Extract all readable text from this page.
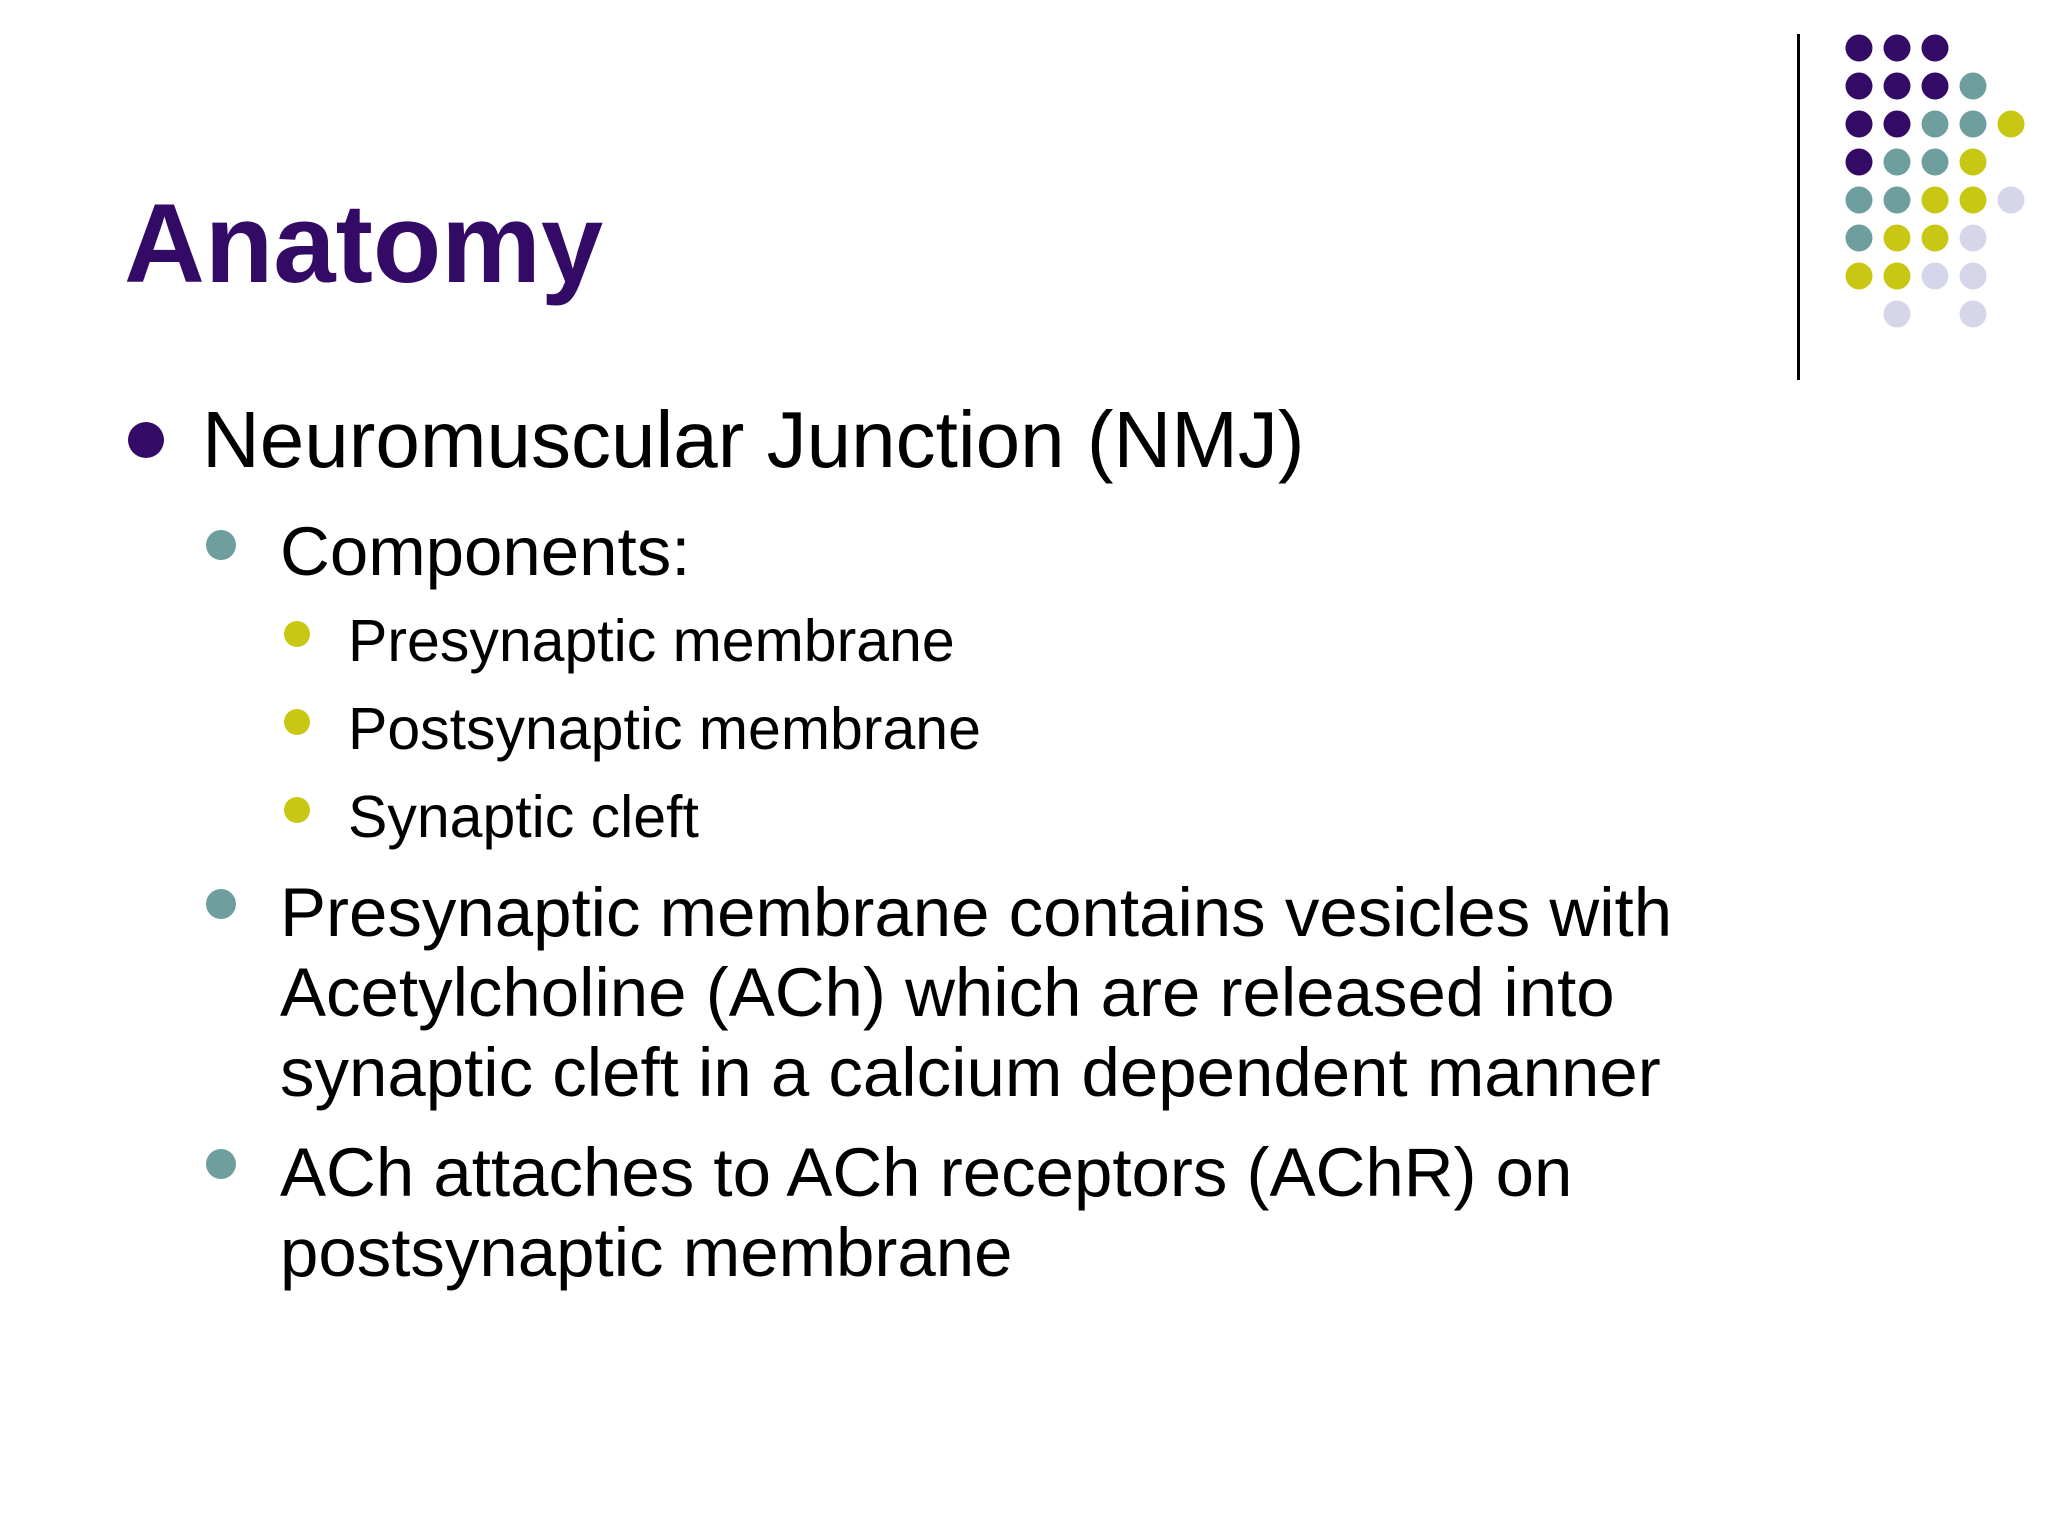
Anatomy
Neuromuscular Junction (NMJ)
Components:
Presynaptic membrane
Postsynaptic membrane
Synaptic cleft
Presynaptic membrane contains vesicles with
Acetylcholine (ACh) which are released into
synaptic cleft in a calcium dependent manner
ACh attaches to ACh receptors (AChR) on
postsynaptic membrane
